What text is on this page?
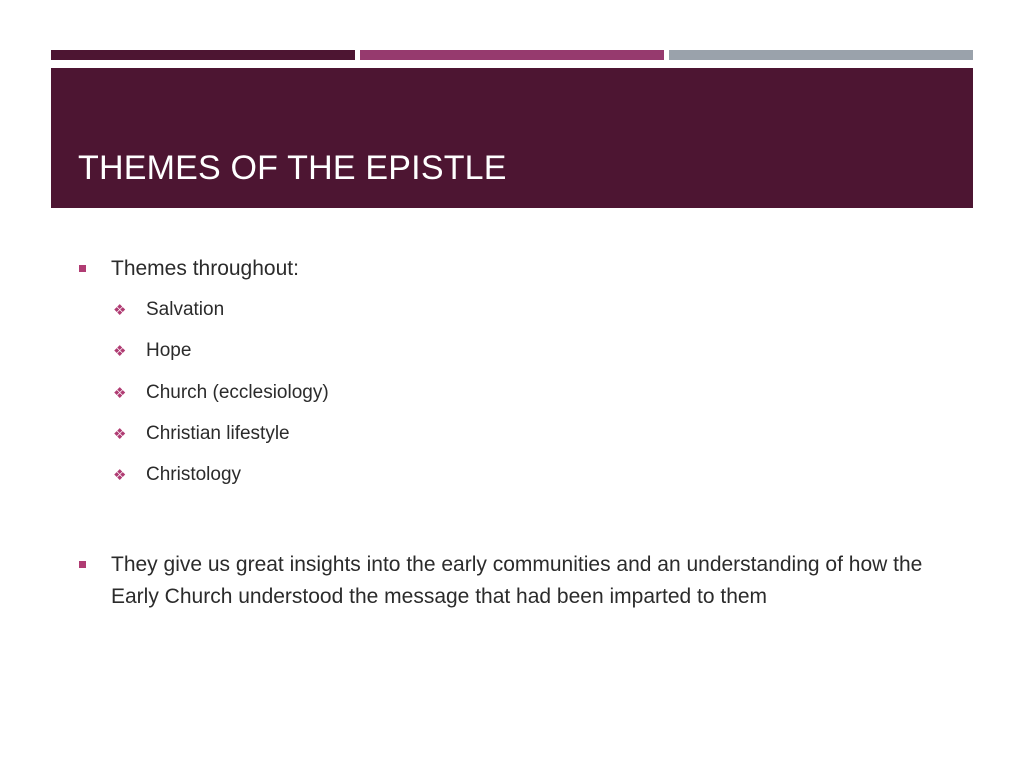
THEMES OF THE EPISTLE
Themes throughout:
❖ Salvation
❖ Hope
❖ Church (ecclesiology)
❖ Christian lifestyle
❖ Christology
They give us great insights into the early communities and an understanding of how the Early Church understood the message that had been imparted to them
